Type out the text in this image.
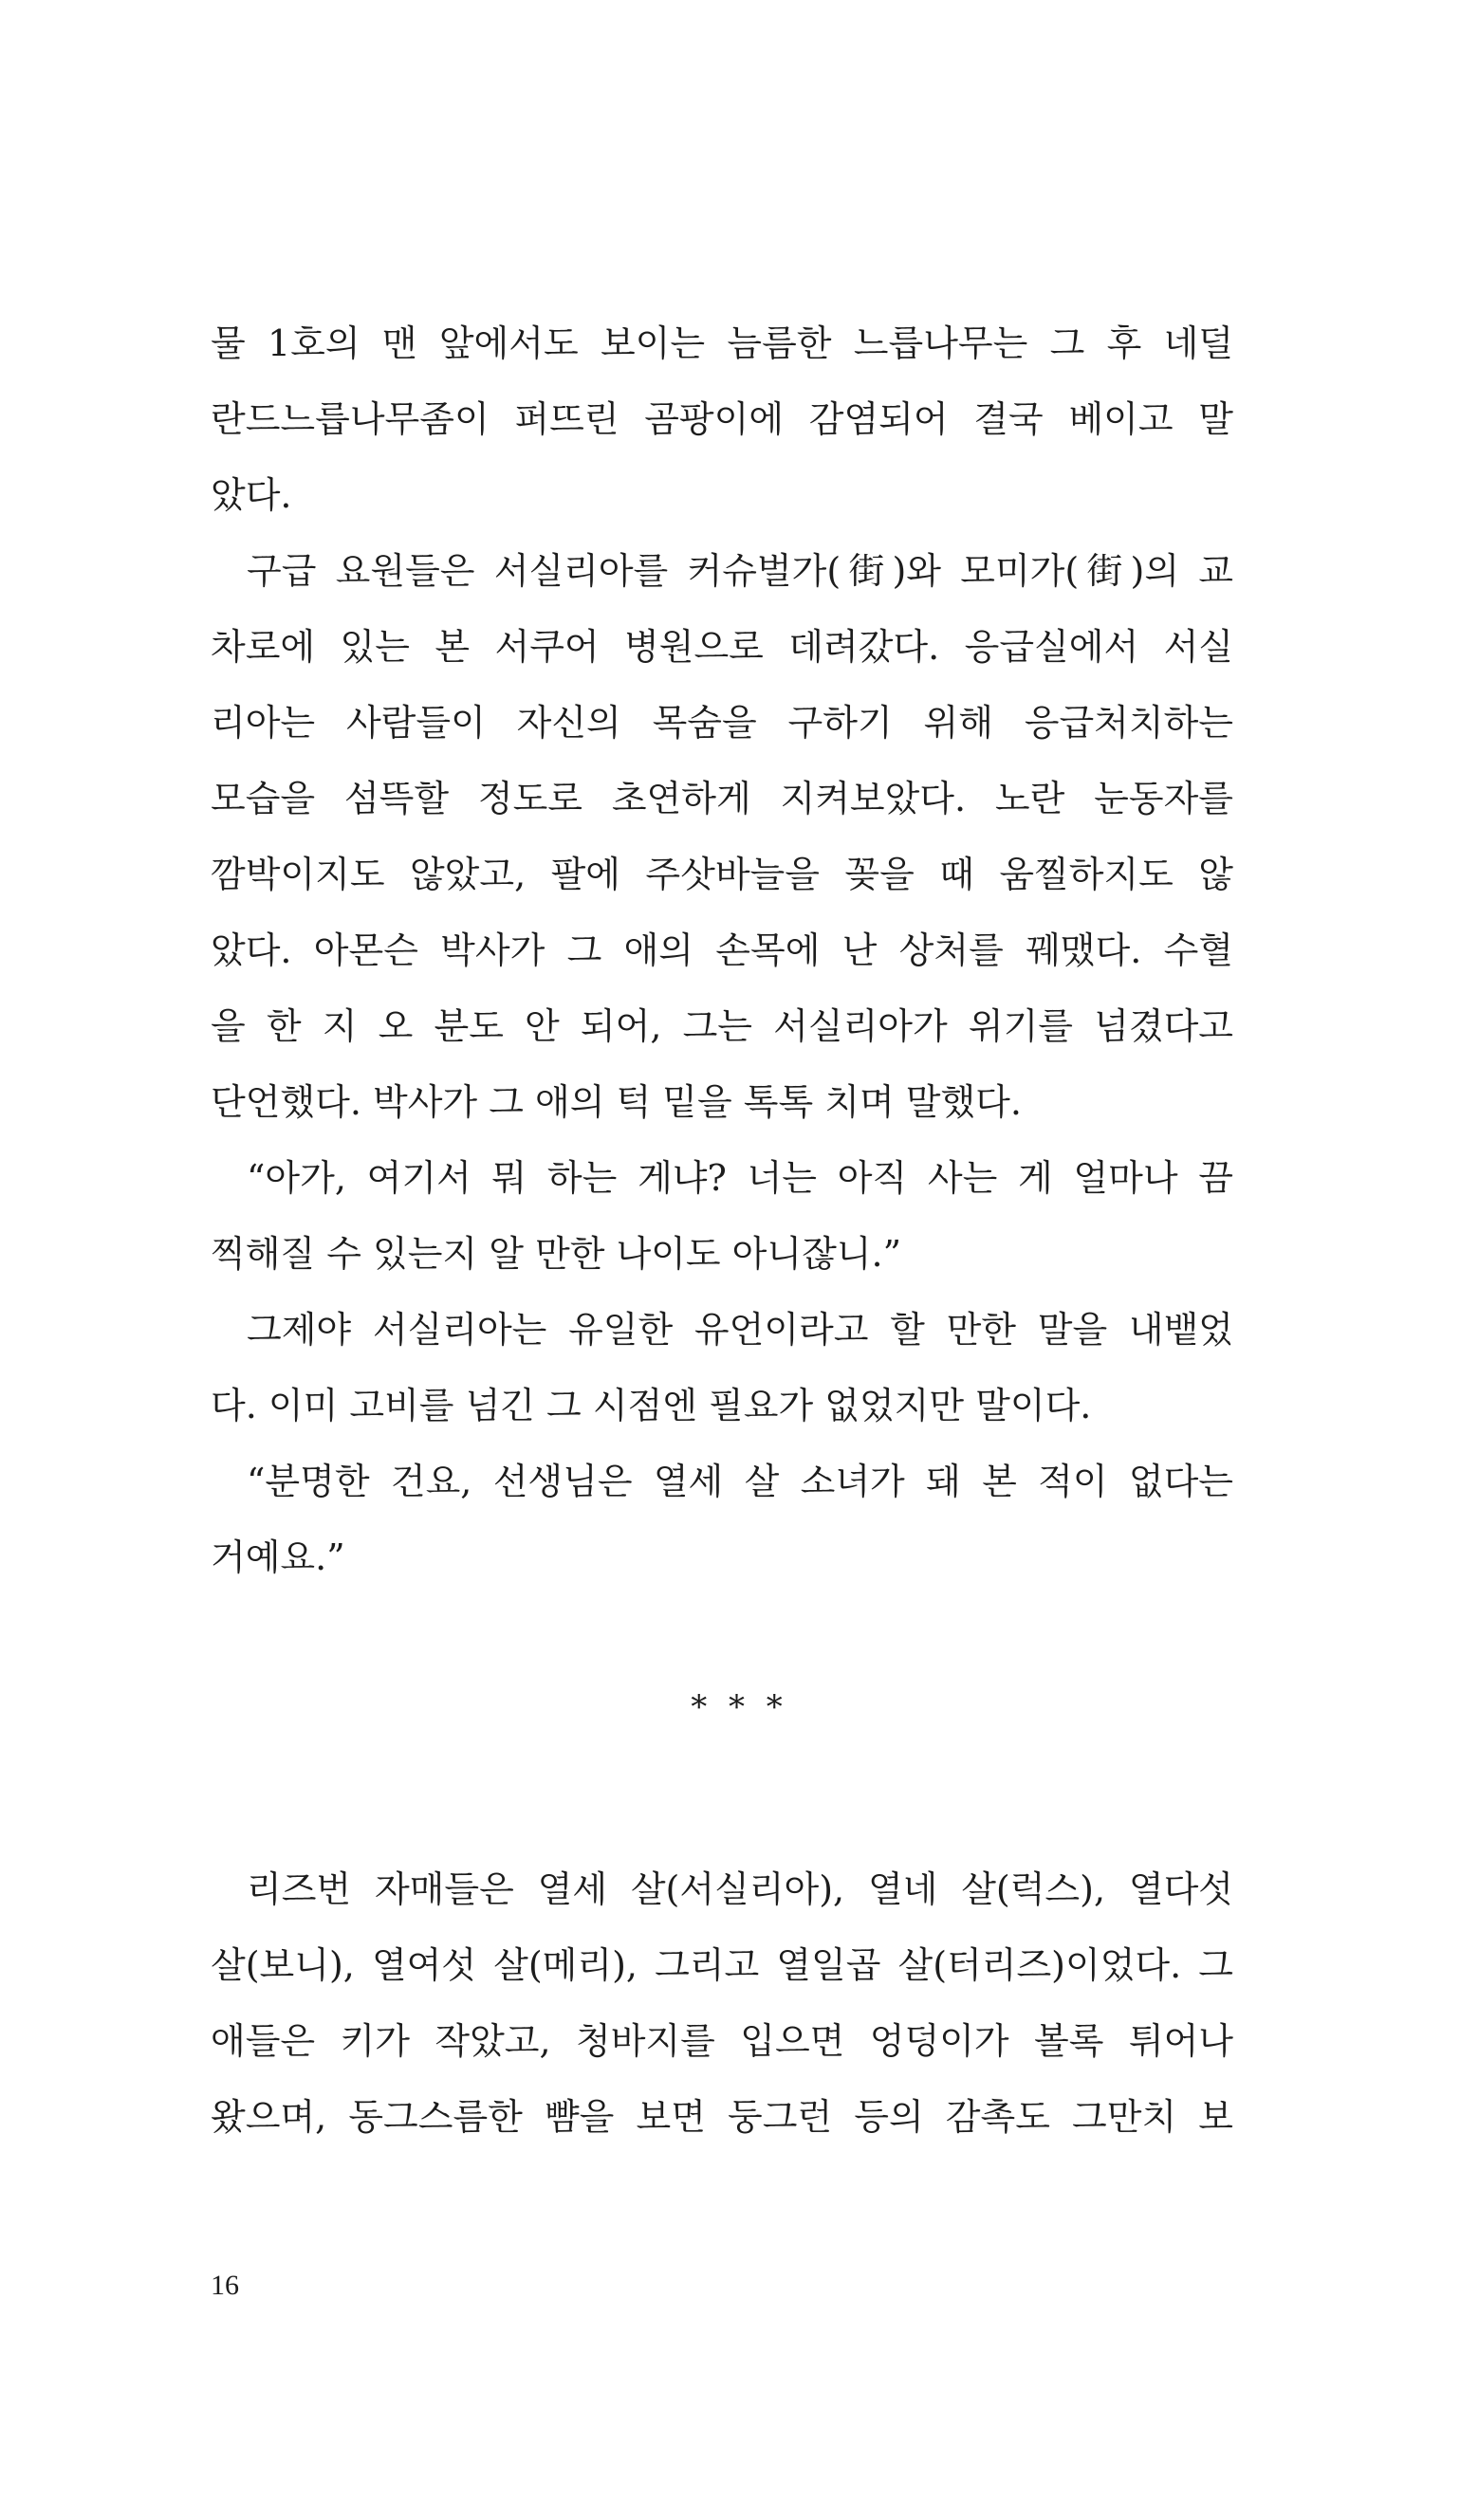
물 1호의 맨 앞에서도 보이는 늠름한 느릅나무는 그 후 네덜
란드느릅나무좀이 퍼뜨린 곰팡이에 감염되어 결국 베이고 말
았다.
구급 요원들은 서실리아를 커슈벌가(街)와 모미가(街)의 교
차로에 있는 본 서쿠어 병원으로 데려갔다. 응급실에서 서실
리아는 사람들이 자신의 목숨을 구하기 위해 응급처치하는
모습을 섬뜩할 정도로 초연하게 지켜보았다. 노란 눈동자를
깜박이지도 않았고, 팔에 주삿바늘을 꽂을 때 움찔하지도 않
았다. 아몬슨 박사가 그 애의 손목에 난 상처를 꿰맸다. 수혈
을 한 지 오 분도 안 되어, 그는 서실리아가 위기를 넘겼다고
단언했다. 박사가 그 애의 턱 밑을 톡톡 치며 말했다.
“아가, 여기서 뭐 하는 게냐? 너는 아직 사는 게 얼마나 끔
찍해질 수 있는지 알 만한 나이도 아니잖니.”
그제야 서실리아는 유일한 유언이라고 할 만한 말을 내뱉었
다. 이미 고비를 넘긴 그 시점엔 필요가 없었지만 말이다.
“분명한 건요, 선생님은 열세 살 소녀가 돼 본 적이 없다는
거예요.”
* * *
리즈번 자매들은 열세 살(서실리아), 열네 살(럭스), 열다섯
살(보니), 열여섯 살(메리), 그리고 열일곱 살(터리즈)이었다. 그
애들은 키가 작았고, 청바지를 입으면 엉덩이가 볼록 튀어나
왔으며, 동그스름한 뺨을 보면 둥그런 등의 감촉도 그만치 보
16
